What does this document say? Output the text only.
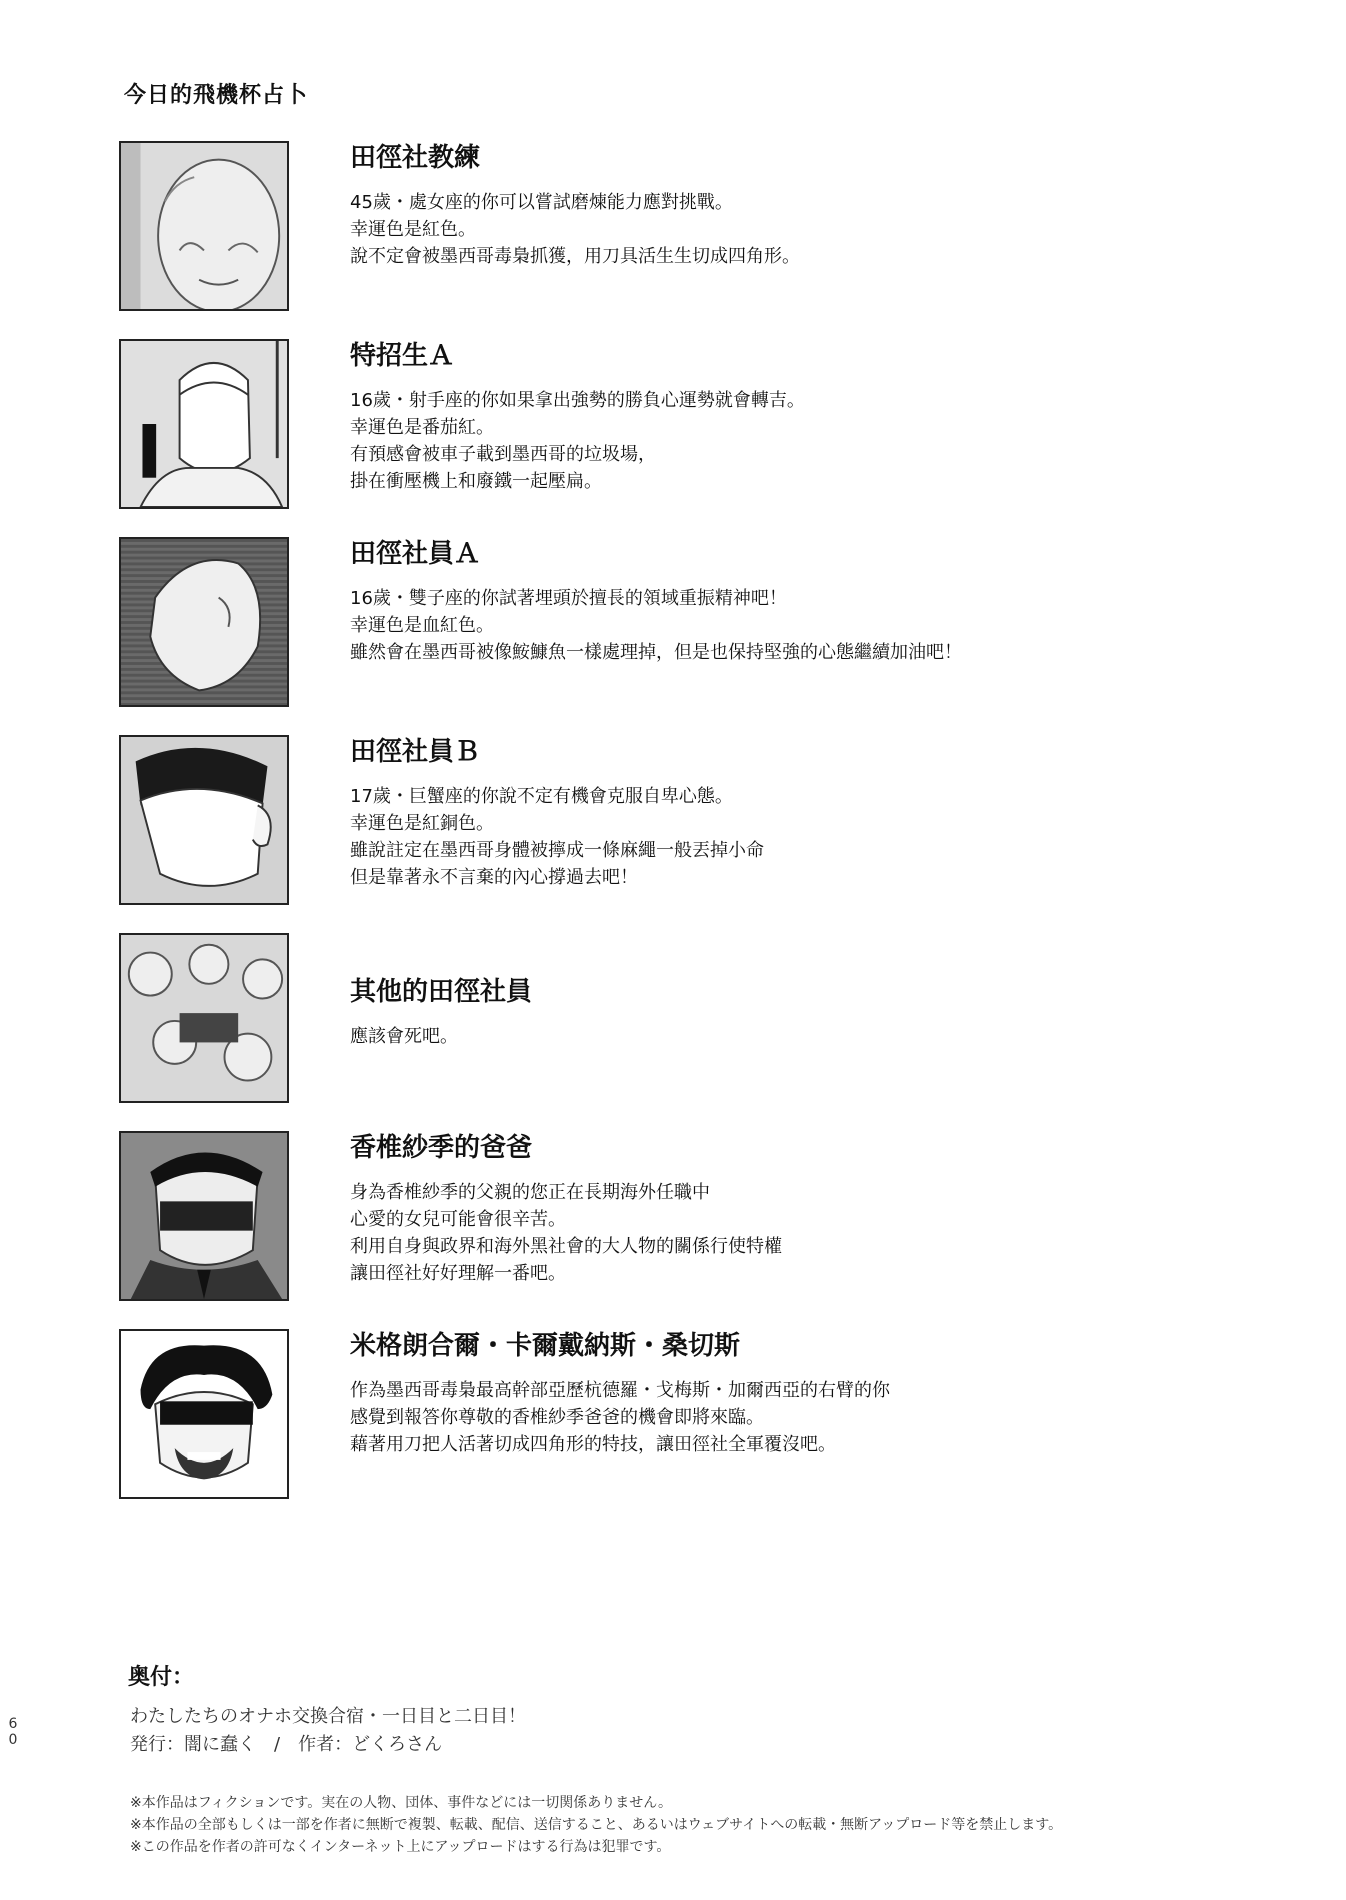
今日的飛機杯占卜
田徑社教練

45歲・處女座的你可以嘗試磨煉能力應對挑戰。

幸運色是紅色。

說不定會被墨西哥毒梟抓獲，用刀具活生生切成四角形。

特招生Ａ

16歲・射手座的你如果拿出強勢的勝負心運勢就會轉吉。

幸運色是番茄紅。

有預感會被車子載到墨西哥的垃圾場，

掛在衝壓機上和廢鐵一起壓扁。

田徑社員Ａ

16歲・雙子座的你試著埋頭於擅長的領域重振精神吧！

幸運色是血紅色。

雖然會在墨西哥被像鮟鱇魚一樣處理掉，但是也保持堅強的心態繼續加油吧！

田徑社員Ｂ

17歲・巨蟹座的你說不定有機會克服自卑心態。

幸運色是紅銅色。

雖說註定在墨西哥身體被擰成一條麻繩一般丟掉小命

但是靠著永不言棄的內心撐過去吧！

其他的田徑社員

應該會死吧。

香椎紗季的爸爸

身為香椎紗季的父親的您正在長期海外任職中

心愛的女兒可能會很辛苦。

利用自身與政界和海外黑社會的大人物的關係行使特權

讓田徑社好好理解一番吧。

米格朗合爾・卡爾戴納斯・桑切斯

作為墨西哥毒梟最高幹部亞歷杭德羅・戈梅斯・加爾西亞的右臂的你

感覺到報答你尊敬的香椎紗季爸爸的機會即將來臨。

藉著用刀把人活著切成四角形的特技，讓田徑社全軍覆沒吧。

奥付：
わたしたちのオナホ交換合宿・一日目と二日目！
発行：闇に蠢く　/　作者：どくろさん
6
0
※本作品はフィクションです。実在の人物、団体、事件などには一切関係ありません。
※本作品の全部もしくは一部を作者に無断で複製、転載、配信、送信すること、あるいはウェブサイトへの転載・無断アップロード等を禁止します。
※この作品を作者の許可なくインターネット上にアップロードはする行為は犯罪です。
